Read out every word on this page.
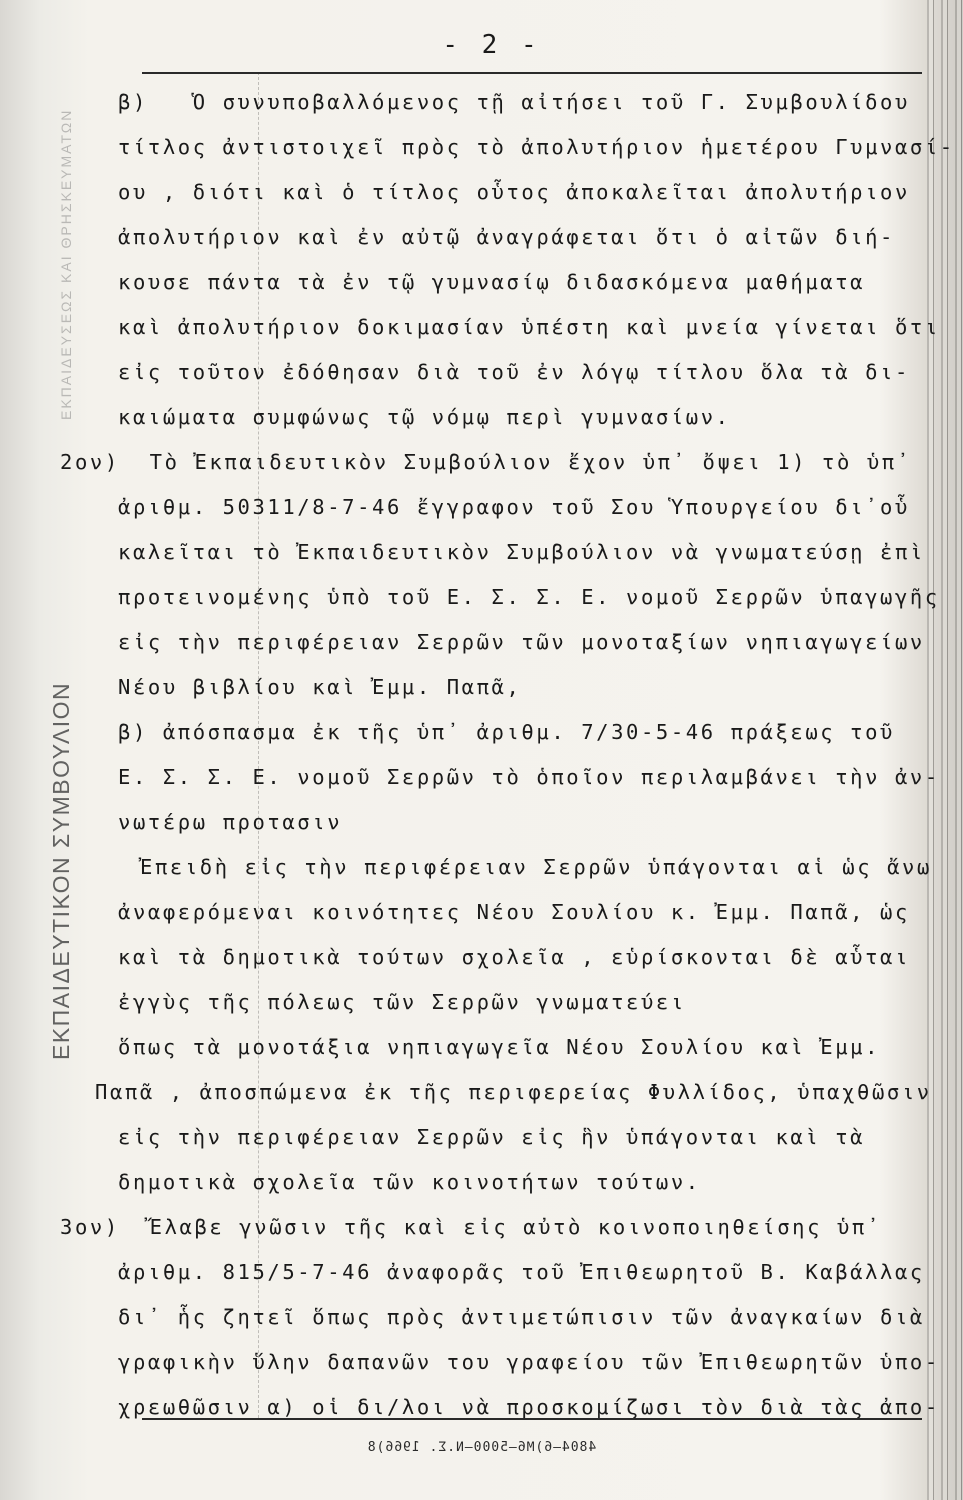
- 2 -
β)   Ὁ συνυποβαλλόμενος τῇ αἰτήσει τοῦ Γ. Συμβουλίδου
τίτλος ἀντιστοιχεῖ πρὸς τὸ ἀπολυτήριον ἡμετέρου Γυμνασί-
ου , διότι καὶ ὁ τίτλος οὗτος ἀποκαλεῖται ἀπολυτήριον
ἀπολυτήριον καὶ ἐν αὐτῷ ἀναγράφεται ὅτι ὁ αἰτῶν διή-
κουσε πάντα τὰ ἐν τῷ γυμνασίῳ διδασκόμενα μαθήματα
καὶ ἀπολυτήριον δοκιμασίαν ὑπέστη καὶ μνεία γίνεται ὅτι
εἰς τοῦτον ἐδόθησαν διὰ τοῦ ἐν λόγῳ τίτλου ὅλα τὰ δι-
καιώματα συμφώνως τῷ νόμῳ περὶ γυμνασίων.
2ον)  Τὸ Ἐκπαιδευτικὸν Συμβούλιον ἔχον ὑπ᾽ ὄψει 1) τὸ ὑπ᾽
ἀριθμ. 50311/8-7-46 ἔγγραφον τοῦ Σου Ὑπουργείου δι᾽οὗ
καλεῖται τὸ Ἐκπαιδευτικὸν Συμβούλιον νὰ γνωματεύσῃ ἐπὶ
προτεινομένης ὑπὸ τοῦ Ε. Σ. Σ. Ε. νομοῦ Σερρῶν ὑπαγωγῆς
εἰς τὴν περιφέρειαν Σερρῶν τῶν μονοταξίων νηπιαγωγείων
Νέου βιβλίου καὶ Ἐμμ. Παπᾶ,
β) ἀπόσπασμα ἐκ τῆς ὑπ᾽ ἀριθμ. 7/30-5-46 πράξεως τοῦ
Ε. Σ. Σ. Ε. νομοῦ Σερρῶν τὸ ὁποῖον περιλαμβάνει τὴν ἀν-
νωτέρω προτασιν
Ἐπειδὴ εἰς τὴν περιφέρειαν Σερρῶν ὑπάγονται αἱ ὡς ἄνω
ἀναφερόμεναι κοινότητες Νέου Σουλίου κ. Ἐμμ. Παπᾶ, ὡς
καὶ τὰ δημοτικὰ τούτων σχολεῖα , εὑρίσκονται δὲ αὗται
ἐγγὺς τῆς πόλεως τῶν Σερρῶν γνωματεύει
ὅπως τὰ μονοτάξια νηπιαγωγεῖα Νέου Σουλίου καὶ Ἐμμ.
Παπᾶ , ἀποσπώμενα ἐκ τῆς περιφερείας Φυλλίδος, ὑπαχθῶσιν
εἰς τὴν περιφέρειαν Σερρῶν εἰς ἣν ὑπάγονται καὶ τὰ
δημοτικὰ σχολεῖα τῶν κοινοτήτων τούτων.
3ον)  Ἔλαβε γνῶσιν τῆς καὶ εἰς αὐτὸ κοινοποιηθείσης ὑπ᾽
ἀριθμ. 815/5-7-46 ἀναφορᾶς τοῦ Ἐπιθεωρητοῦ Β. Καβάλλας
δι᾽ ἧς ζητεῖ ὅπως πρὸς ἀντιμετώπισιν τῶν ἀναγκαίων διὰ
γραφικὴν ὕλην δαπανῶν του γραφείου τῶν Ἐπιθεωρητῶν ὑπο-
χρεωθῶσιν α) οἱ δι/λοι νὰ προσκομίζωσι τὸν διὰ τὰς ἀπο-
4804—6)Μ6—5000—Ν.Σ. 1966)8
ΕΚΠΑΙΔΕΥΤΙΚΟΝ ΣΥΜΒΟΥΛΙΟΝ
ΕΚΠΑΙΔΕΥΣΕΩΣ ΚΑΙ ΘΡΗΣΚΕΥΜΑΤΩΝ
